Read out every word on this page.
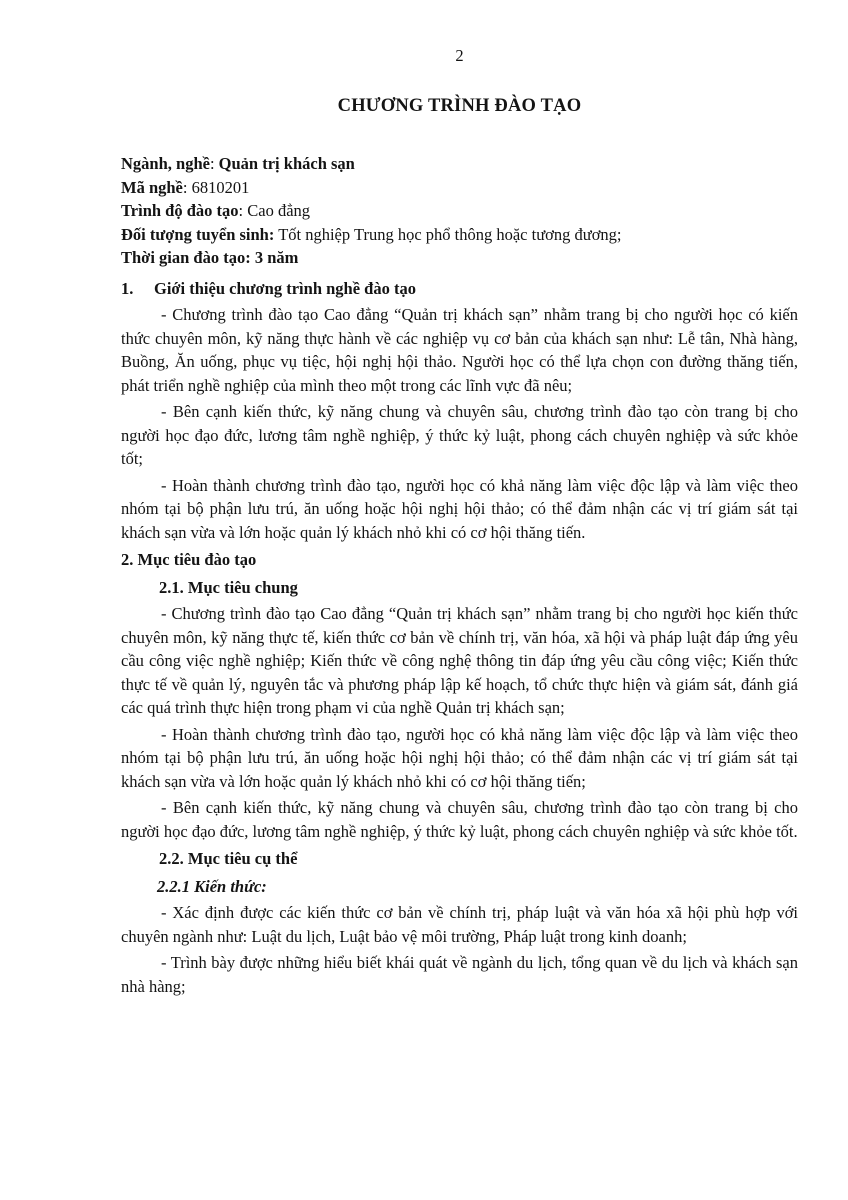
2
CHƯƠNG TRÌNH ĐÀO TẠO
Ngành, nghề: Quản trị khách sạn
Mã nghề: 6810201
Trình độ đào tạo: Cao đẳng
Đối tượng tuyển sinh: Tốt nghiệp Trung học phổ thông hoặc tương đương;
Thời gian đào tạo: 3 năm
1. Giới thiệu chương trình nghề đào tạo

- Chương trình đào tạo Cao đẳng “Quản trị khách sạn” nhằm trang bị cho người học có kiến thức chuyên môn, kỹ năng thực hành về các nghiệp vụ cơ bản của khách sạn như: Lễ tân, Nhà hàng, Buồng, Ăn uống, phục vụ tiệc, hội nghị hội thảo. Người học có thể lựa chọn con đường thăng tiến, phát triển nghề nghiệp của mình theo một trong các lĩnh vực đã nêu;

- Bên cạnh kiến thức, kỹ năng chung và chuyên sâu, chương trình đào tạo còn trang bị cho người học đạo đức, lương tâm nghề nghiệp, ý thức kỷ luật, phong cách chuyên nghiệp và sức khỏe tốt;

- Hoàn thành chương trình đào tạo, người học có khả năng làm việc độc lập và làm việc theo nhóm tại bộ phận lưu trú, ăn uống hoặc hội nghị hội thảo; có thể đảm nhận các vị trí giám sát tại khách sạn vừa và lớn hoặc quản lý khách nhỏ khi có cơ hội thăng tiến.

2. Mục tiêu đào tạo
2.1. Mục tiêu chung

- Chương trình đào tạo Cao đẳng “Quản trị khách sạn” nhằm trang bị cho người học kiến thức chuyên môn, kỹ năng thực tế, kiến thức cơ bản về chính trị, văn hóa, xã hội và pháp luật đáp ứng yêu cầu công việc nghề nghiệp; Kiến thức về công nghệ thông tin đáp ứng yêu cầu công việc; Kiến thức thực tế về quản lý, nguyên tắc và phương pháp lập kế hoạch, tổ chức thực hiện và giám sát, đánh giá các quá trình thực hiện trong phạm vi của nghề Quản trị khách sạn;

- Hoàn thành chương trình đào tạo, người học có khả năng làm việc độc lập và làm việc theo nhóm tại bộ phận lưu trú, ăn uống hoặc hội nghị hội thảo; có thể đảm nhận các vị trí giám sát tại khách sạn vừa và lớn hoặc quản lý khách nhỏ khi có cơ hội thăng tiến;

- Bên cạnh kiến thức, kỹ năng chung và chuyên sâu, chương trình đào tạo còn trang bị cho người học đạo đức, lương tâm nghề nghiệp, ý thức kỷ luật, phong cách chuyên nghiệp và sức khỏe tốt.

2.2. Mục tiêu cụ thể
2.2.1 Kiến thức:

- Xác định được các kiến thức cơ bản về chính trị, pháp luật và văn hóa xã hội phù hợp với chuyên ngành như: Luật du lịch, Luật bảo vệ môi trường, Pháp luật trong kinh doanh;

- Trình bày được những hiểu biết khái quát về ngành du lịch, tổng quan về du lịch và khách sạn nhà hàng;
